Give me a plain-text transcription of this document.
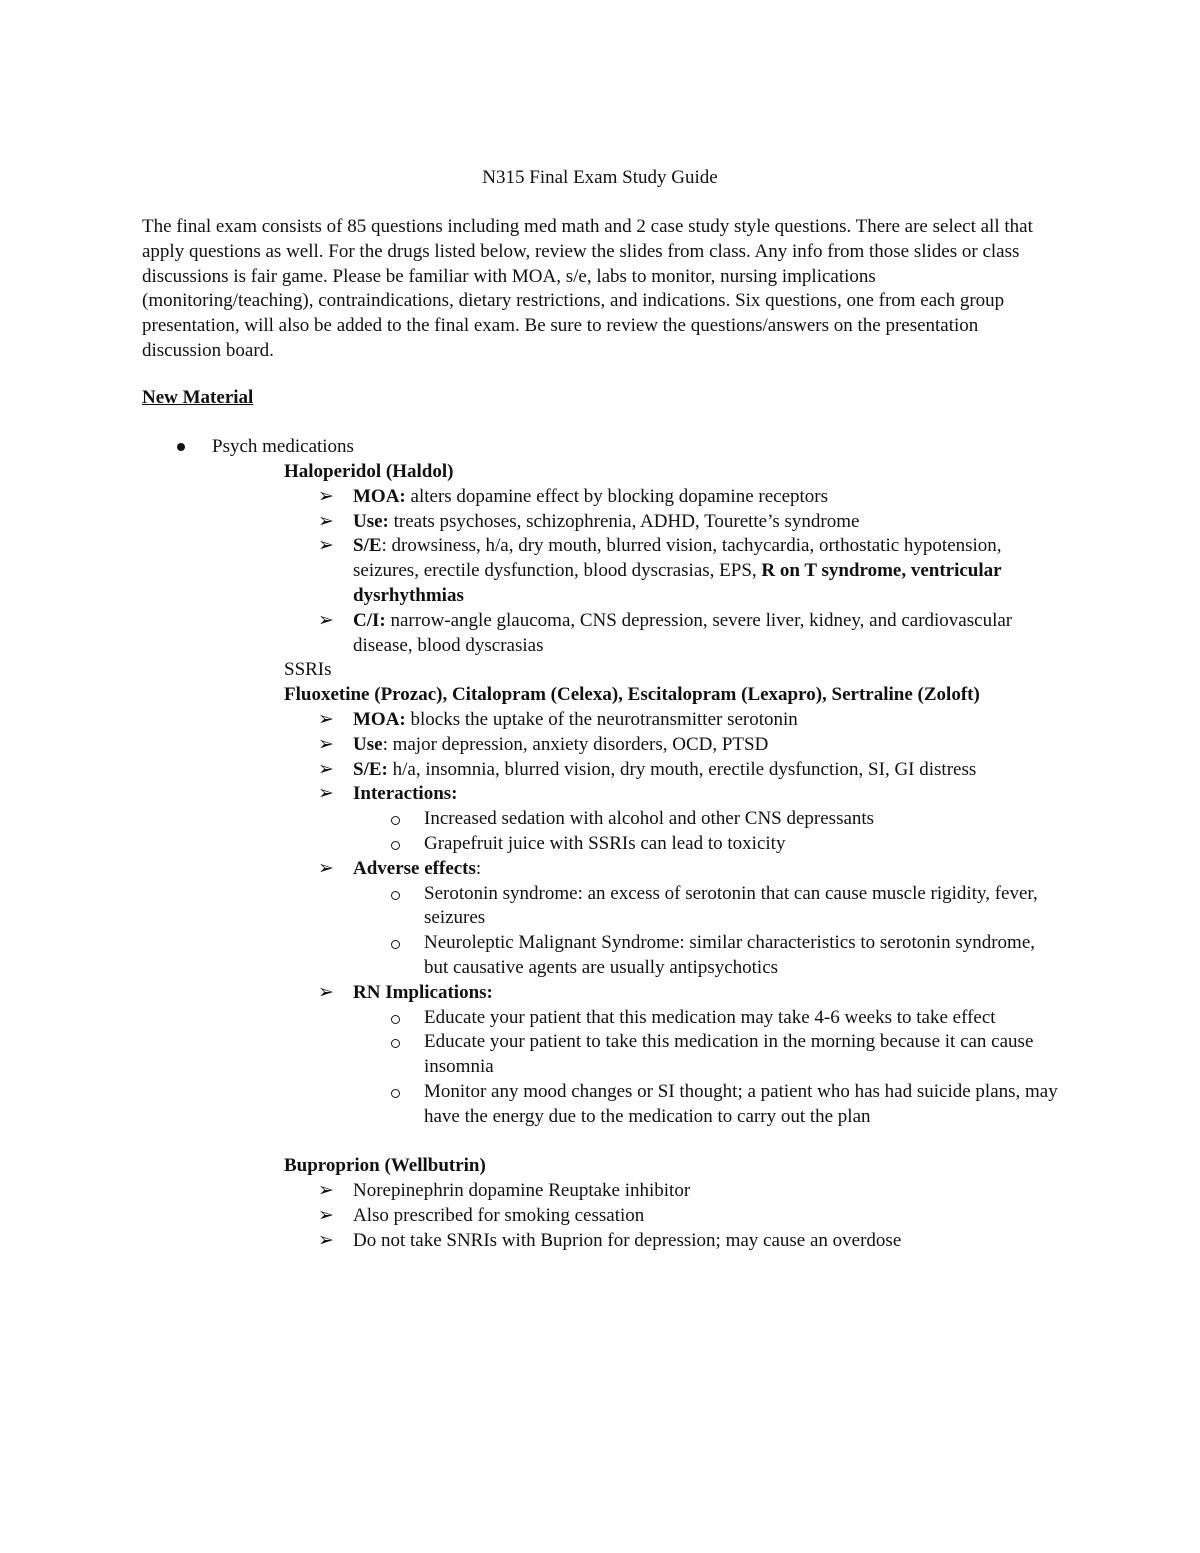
N315 Final Exam Study Guide

The final exam consists of 85 questions including med math and 2 case study style questions. There are select all that apply questions as well. For the drugs listed below, review the slides from class. Any info from those slides or class discussions is fair game. Please be familiar with MOA, s/e, labs to monitor, nursing implications (monitoring/teaching), contraindications, dietary restrictions, and indications. Six questions, one from each group presentation, will also be added to the final exam. Be sure to review the questions/answers on the presentation discussion board.

New Material

Psych medications

Haloperidol (Haldol)

➢ MOA: alters dopamine effect by blocking dopamine receptors
➢ Use: treats psychoses, schizophrenia, ADHD, Tourette’s syndrome
➢ S/E: drowsiness, h/a, dry mouth, blurred vision, tachycardia, orthostatic hypotension, seizures, erectile dysfunction, blood dyscrasias, EPS, R on T syndrome, ventricular dysrhythmias
➢ C/I: narrow-angle glaucoma, CNS depression, severe liver, kidney, and cardiovascular disease, blood dyscrasias

SSRIs

Fluoxetine (Prozac), Citalopram (Celexa), Escitalopram (Lexapro), Sertraline (Zoloft)

➢ MOA: blocks the uptake of the neurotransmitter serotonin
➢ Use: major depression, anxiety disorders, OCD, PTSD
➢ S/E: h/a, insomnia, blurred vision, dry mouth, erectile dysfunction, SI, GI distress
➢ Interactions:
Increased sedation with alcohol and other CNS depressants
Grapefruit juice with SSRIs can lead to toxicity
➢ Adverse effects:
Serotonin syndrome: an excess of serotonin that can cause muscle rigidity, fever, seizures
Neuroleptic Malignant Syndrome: similar characteristics to serotonin syndrome, but causative agents are usually antipsychotics
➢ RN Implications:
Educate your patient that this medication may take 4-6 weeks to take effect
Educate your patient to take this medication in the morning because it can cause insomnia
Monitor any mood changes or SI thought; a patient who has had suicide plans, may have the energy due to the medication to carry out the plan

Buproprion (Wellbutrin)

➢ Norepinephrin dopamine Reuptake inhibitor
➢ Also prescribed for smoking cessation
➢ Do not take SNRIs with Buprion for depression; may cause an overdose
